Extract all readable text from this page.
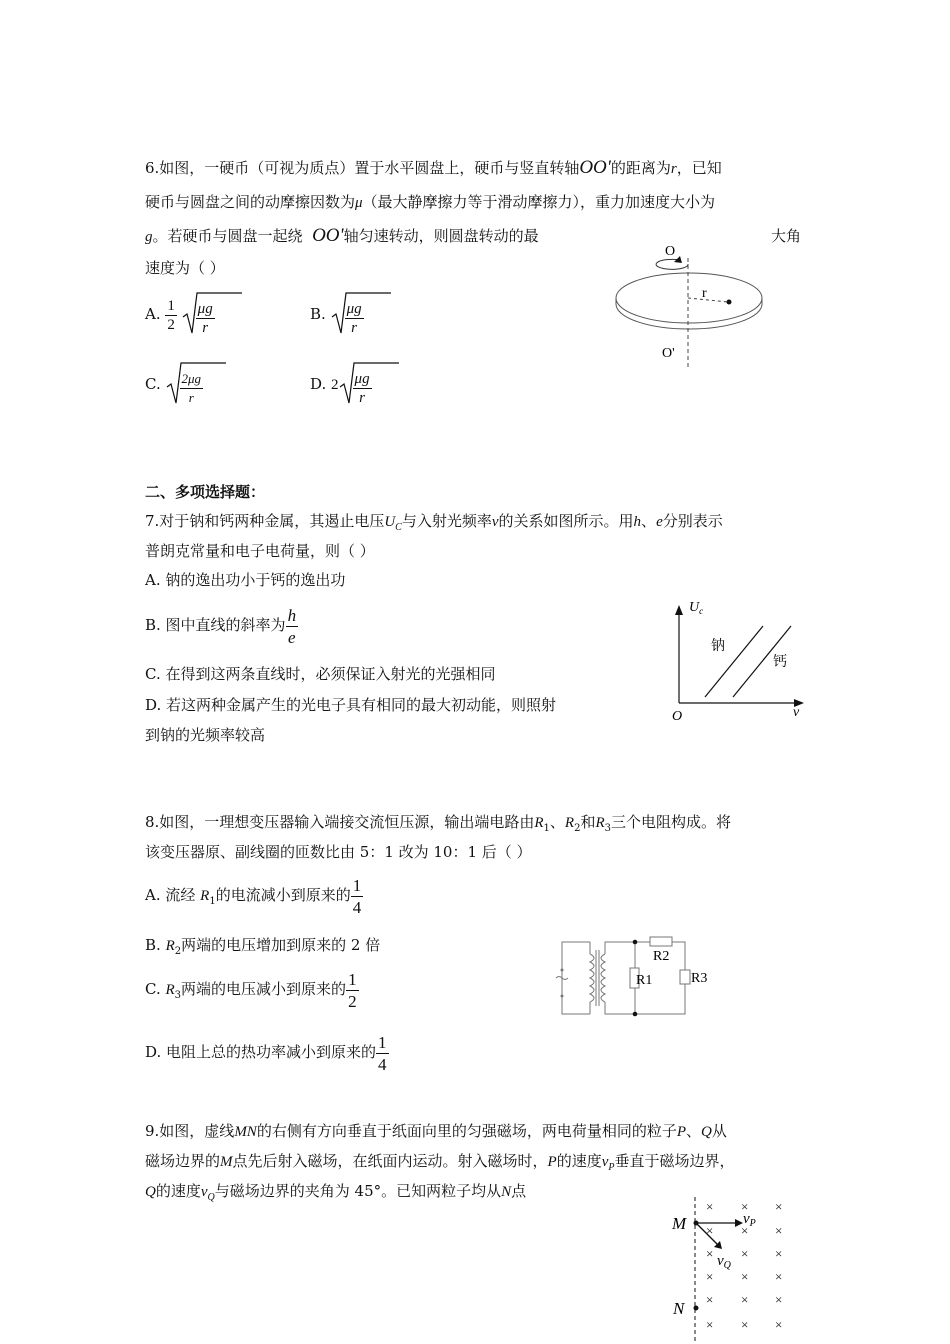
6.如图，一硬币（可视为质点）置于水平圆盘上，硬币与竖直转轴OO'的距离为r，已知
硬币与圆盘之间的动摩擦因数为μ（最大静摩擦力等于滑动摩擦力），重力加速度大小为
g。若硬币与圆盘一起绕 OO'轴匀速转动，则圆盘转动的最	大角
速度为（ ）
A. $\frac{1}{2}$
$\frac{\mu g}{r}$	B. $\frac{\mu g}{r}$
C. $\frac{2\mu g}{r}$	D. $2 \frac{\mu g}{r}$
O
r
O'
二、多项选择题：
7.对于钠和钙两种金属，其遏止电压$U_C$与入射光频率ν的关系如图所示。用h、e分别表示
普朗克常量和电子电荷量，则（ ）
A. 钠的逸出功小于钙的逸出功
B. 图中直线的斜率为 $\frac{h}{e}$
C. 在得到这两条直线时，必须保证入射光的光强相同
D. 若这两种金属产生的光电子具有相同的最大初动能，则照射
到钠的光频率较高
$U_c$
钠
钙
O	ν
8.如图，一理想变压器输入端接交流恒压源，输出端电路由$R_1$、$R_2$和$R_3$三个电阻构成。将
该变压器原、副线圈的匝数比由 5：1 改为 10：1 后（ ）
A. 流经 $R_1$的电流减小到原来的 $\frac{1}{4}$
B. $R_2$两端的电压增加到原来的 2 倍
C. $R_3$两端的电压减小到原来的 $\frac{1}{2}$
D. 电阻上总的热功率减小到原来的 $\frac{1}{4}$
R1
R2
R3
9.如图，虚线MN的右侧有方向垂直于纸面向里的匀强磁场，两电荷量相同的粒子P、Q从
磁场边界的M点先后射入磁场，在纸面内运动。射入磁场时，P的速度$v_P$垂直于磁场边界，
Q的速度$v_Q$与磁场边界的夹角为 45°。已知两粒子均从N点
× × ×
× × ×
× × ×
× × ×
× × ×
× × ×
M
N
$v_P$
$v_Q$
